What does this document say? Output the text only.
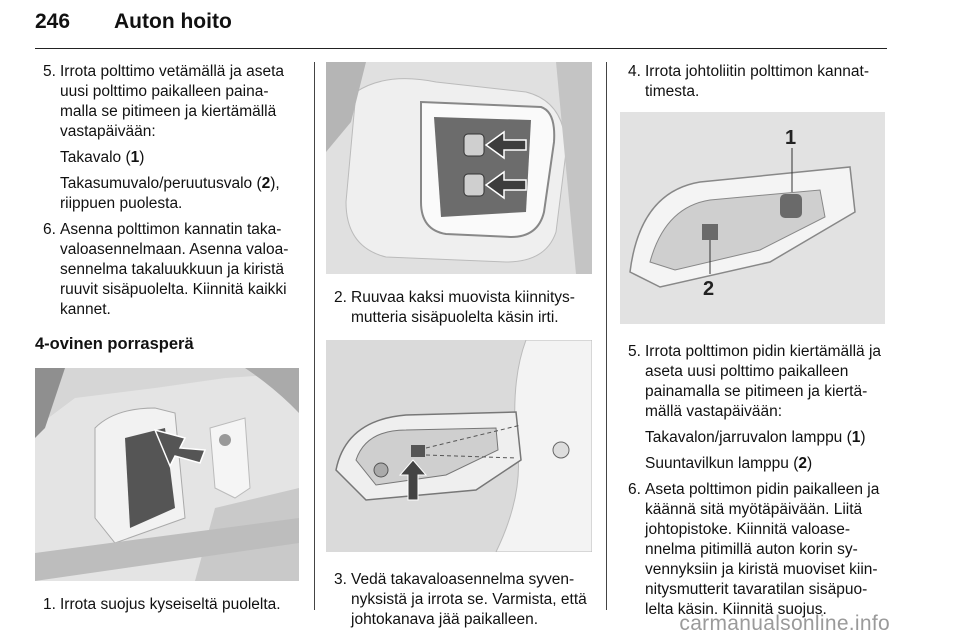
246 Auton hoito
5. Irrota polttimo vetämällä ja aseta uusi polttimo paikalleen paina-malla se pitimeen ja kiertämällä vastapäivään:
Takavalo (1)
Takasumuvalo/peruutusvalo (2), riippuen puolesta.
6. Asenna polttimon kannatin taka-valoasennelmaan. Asenna valoa-sennelma takaluukkuun ja kiristä ruuvit sisäpuolelta. Kiinnitä kaikki kannet.
4-ovinen porrasperä
1. Irrota suojus kyseiseltä puolelta.
2. Ruuvaa kaksi muovista kiinnitys-mutteria sisäpuolelta käsin irti.
3. Vedä takavaloasennelma syven-nyksistä ja irrota se. Varmista, että johtokanava jää paikalleen.
4. Irrota johtoliitin polttimon kannat-timesta.
1
2
5. Irrota polttimon pidin kiertämällä ja aseta uusi polttimo paikalleen painamalla se pitimeen ja kiertä-mällä vastapäivään:
Takavalon/jarruvalon lamppu (1)
Suuntavilkun lamppu (2)
6. Aseta polttimon pidin paikalleen ja käännä sitä myötäpäivään. Liitä johtopistoke. Kiinnitä valoase-nnelma pitimillä auton korin sy-vennyksiin ja kiristä muoviset kiin-nitysmutterit tavaratilan sisäpuo-lelta käsin. Kiinnitä suojus.
carmanualsonline.info
